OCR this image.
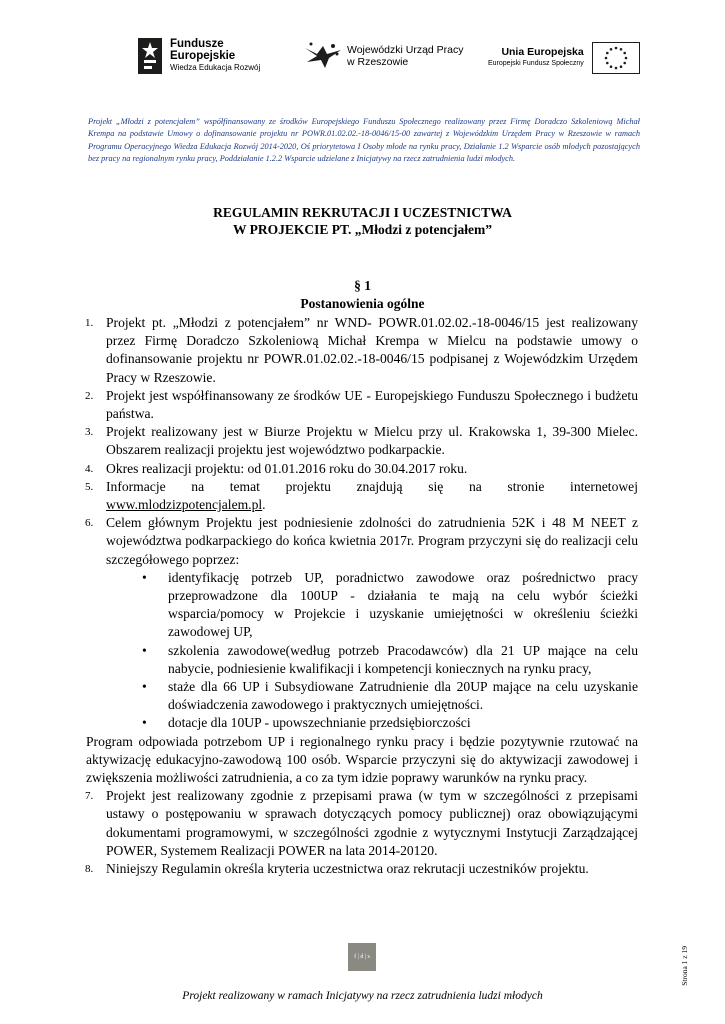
Fundusze
Europejskie
Wiedza Edukacja Rozwój
Wojewódzki Urząd Pracy
w Rzeszowie
Unia Europejska
Europejski Fundusz Społeczny
Projekt „Młodzi z potencjałem” współfinansowany ze środków Europejskiego Funduszu Społecznego realizowany przez Firmę Doradczo Szkoleniową Michał Krempa na podstawie Umowy o dofinansowanie projektu nr POWR.01.02.02.-18-0046/15-00 zawartej z Wojewódzkim Urzędem Pracy w Rzeszowie w ramach Programu Operacyjnego Wiedza Edukacja Rozwój 2014-2020, Oś priorytetowa I Osoby młode na rynku pracy, Działanie 1.2 Wsparcie osób młodych pozostających bez pracy na regionalnym rynku pracy, Poddziałanie 1.2.2 Wsparcie udzielane z Inicjatywy na rzecz zatrudnienia ludzi młodych.
REGULAMIN REKRUTACJI I UCZESTNICTWA
W PROJEKCIE PT. „Młodzi z potencjałem”
§ 1
Postanowienia ogólne
1. Projekt pt. „Młodzi z potencjałem” nr WND- POWR.01.02.02.-18-0046/15 jest realizowany przez Firmę Doradczo Szkoleniową Michał Krempa w Mielcu na podstawie umowy o dofinansowanie projektu nr POWR.01.02.02.-18-0046/15 podpisanej z Wojewódzkim Urzędem Pracy w Rzeszowie.
2. Projekt jest współfinansowany ze środków UE - Europejskiego Funduszu Społecznego i budżetu państwa.
3. Projekt realizowany jest w Biurze Projektu w Mielcu przy ul. Krakowska 1, 39-300 Mielec. Obszarem realizacji projektu jest województwo podkarpackie.
4. Okres realizacji projektu: od 01.01.2016 roku do 30.04.2017 roku.
5. Informacje na temat projektu znajdują się na stronie internetowej
www.mlodzizpotencjalem.pl.
6. Celem głównym Projektu jest podniesienie zdolności do zatrudnienia 52K i 48 M NEET z województwa podkarpackiego do końca kwietnia 2017r. Program przyczyni się do realizacji celu szczegółowego poprzez:
• identyfikację potrzeb UP, poradnictwo zawodowe oraz pośrednictwo pracy przeprowadzone dla 100UP - działania te mają na celu wybór ścieżki wsparcia/pomocy w Projekcie i uzyskanie umiejętności w określeniu ścieżki zawodowej UP,
• szkolenia zawodowe(według potrzeb Pracodawców) dla 21 UP mające na celu nabycie, podniesienie kwalifikacji i kompetencji koniecznych na rynku pracy,
• staże dla 66 UP i Subsydiowane Zatrudnienie dla 20UP mające na celu uzyskanie doświadczenia zawodowego i praktycznych umiejętności.
• dotacje dla 10UP - upowszechnianie przedsiębiorczości
Program odpowiada potrzebom UP i regionalnego rynku pracy i będzie pozytywnie rzutować na aktywizację edukacyjno-zawodową 100 osób. Wsparcie przyczyni się do aktywizacji zawodowej i zwiększenia możliwości zatrudnienia, a co za tym idzie poprawy warunków na rynku pracy.
7. Projekt jest realizowany zgodnie z przepisami prawa (w tym w szczególności z przepisami ustawy o postępowaniu w sprawach dotyczących pomocy publicznej) oraz obowiązującymi dokumentami programowymi, w szczególności zgodnie z wytycznymi Instytucji Zarządzającej POWER, Systemem Realizacji POWER na lata 2014-20120.
8. Niniejszy Regulamin określa kryteria uczestnictwa oraz rekrutacji uczestników projektu.
f | d | s	Strona 1 z 19
Projekt realizowany w ramach Inicjatywy na rzecz zatrudnienia ludzi młodych
